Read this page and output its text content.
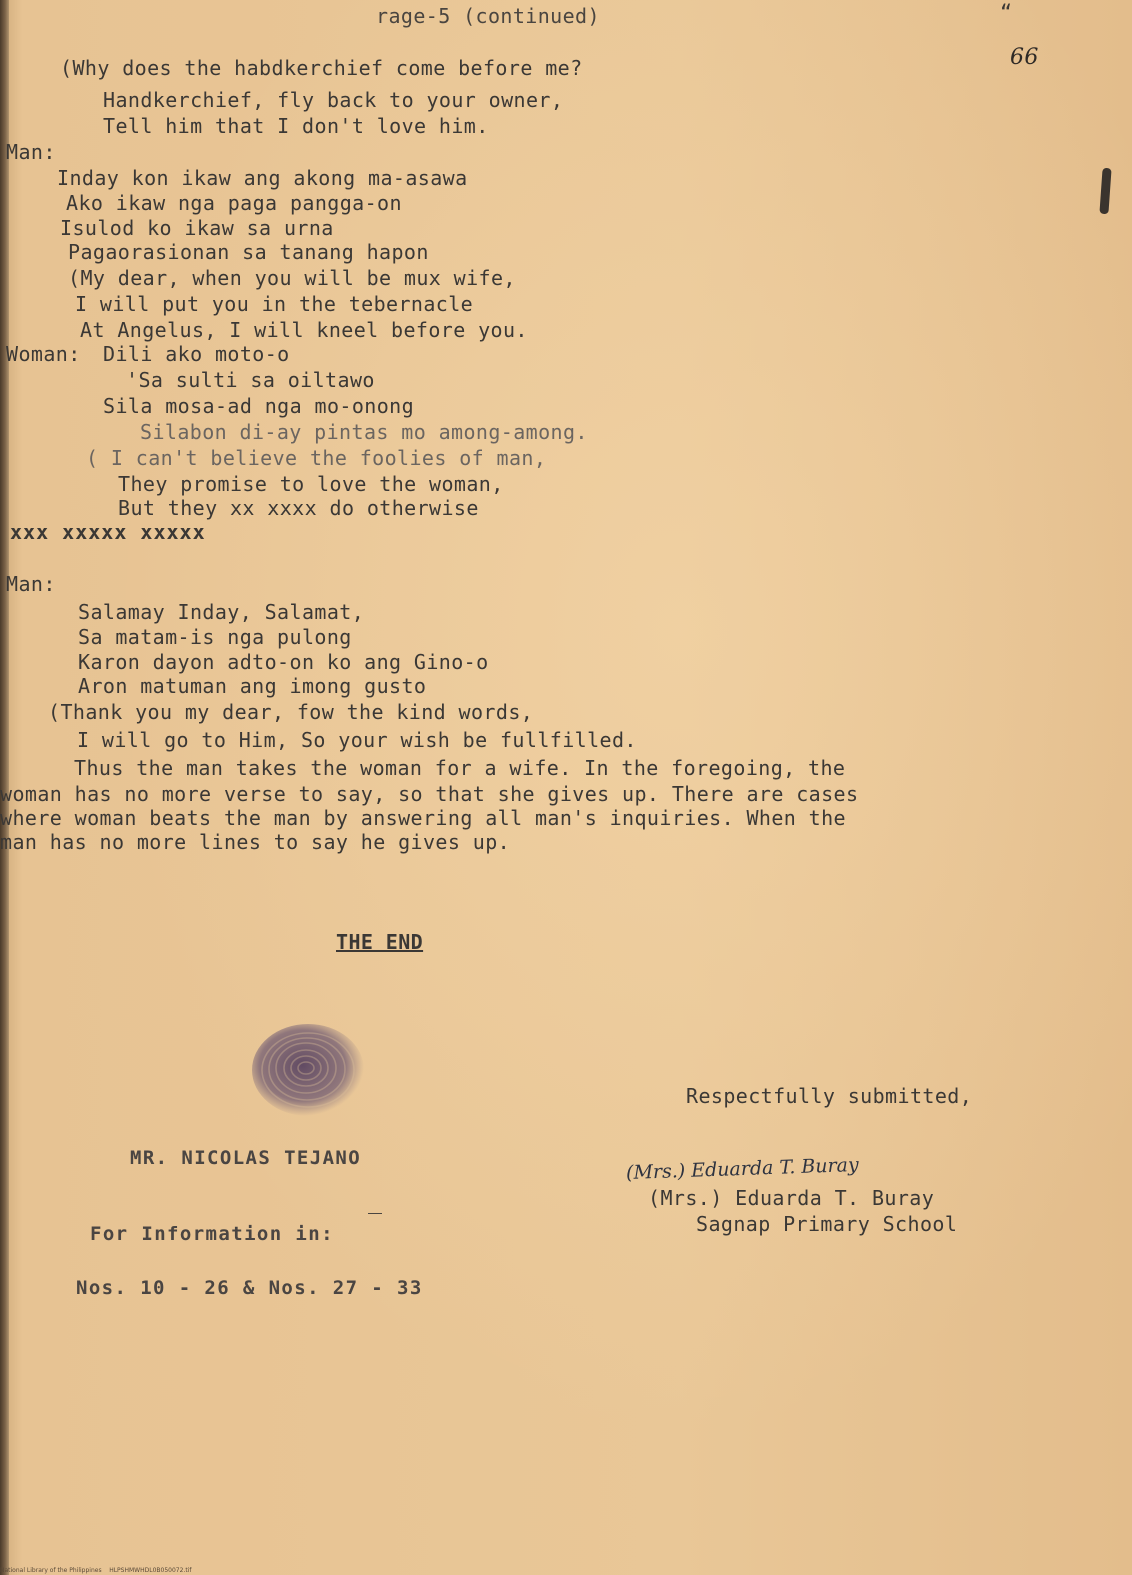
rage-5 (continued)	“
66
(Why does the habdkerchief come before me?
Handkerchief, fly back to your owner,
Tell him that I don't love him.
Man:
Inday kon ikaw ang akong ma-asawa
Ako ikaw nga paga pangga-on
Isulod ko ikaw sa urna
Pagaorasionan sa tanang hapon
(My dear, when you will be mux wife,
I will put you in the tebernacle
At Angelus, I will kneel before you.
Woman: Dili ako moto-o
'Sa sulti sa oiltawo
Sila mosa-ad nga mo-onong
Silabon di-ay pintas mo among-among.
( I can't believe the foolies of man,
They promise to love the woman,
But they xx xxxx do otherwise
xxx xxxxx xxxxx
Man:
Salamay Inday, Salamat,
Sa matam-is nga pulong
Karon dayon adto-on ko ang Gino-o
Aron matuman ang imong gusto
(Thank you my dear, fow the kind words,
I will go to Him, So your wish be fullfilled.
Thus the man takes the woman for a wife. In the foregoing, the
woman has no more verse to say, so that she gives up. There are cases
where woman beats the man by answering all man's inquiries. When the
man has no more lines to say he gives up.
THE END
MR. NICOLAS TEJANO
For Information in:
Nos. 10 - 26 & Nos. 27 - 33
Respectfully submitted,
(Mrs.) Eduarda T. Buray
(Mrs.) Eduarda T. Buray
Sagnap Primary School
National Library of the Philippines    HLPSHMWHDL0B050072.tif
